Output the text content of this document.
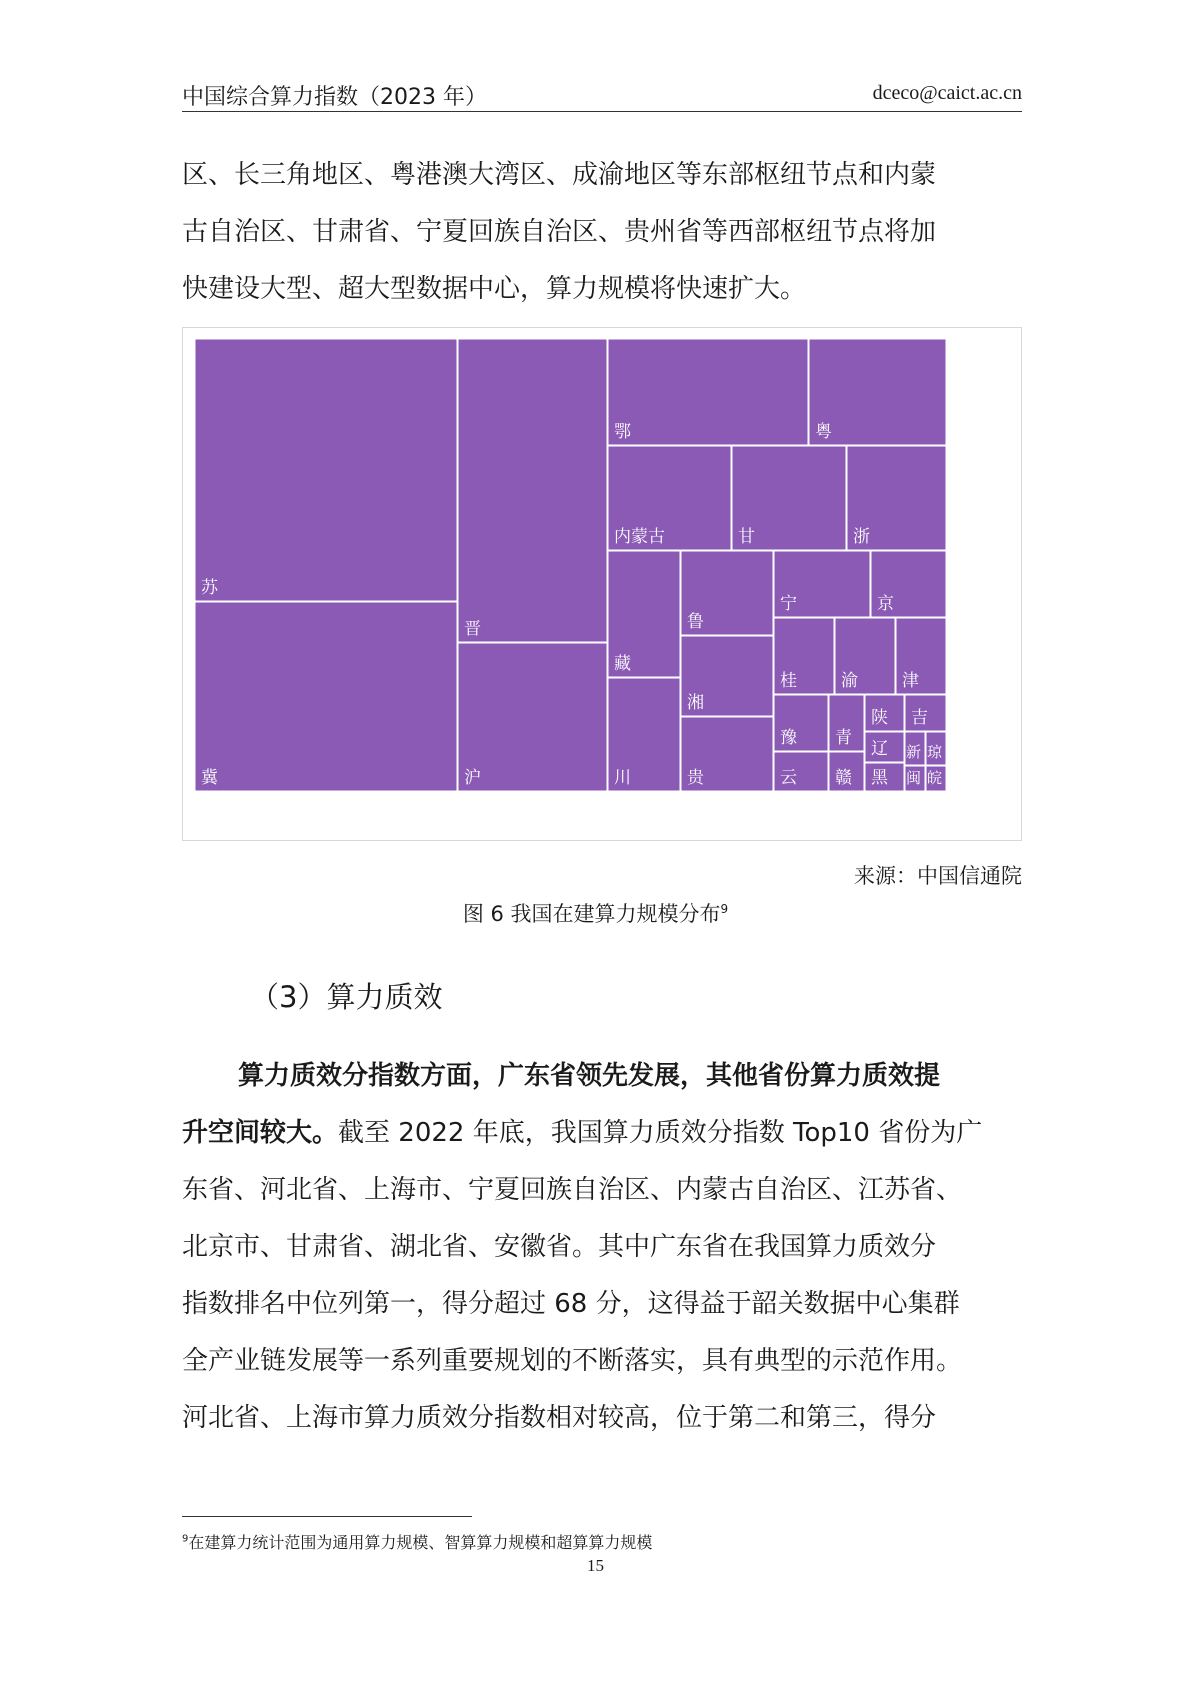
中国综合算力指数（2023 年）	dceco@caict.ac.cn
区、长三角地区、粤港澳大湾区、成渝地区等东部枢纽节点和内蒙
古自治区、甘肃省、宁夏回族自治区、贵州省等西部枢纽节点将加
快建设大型、超大型数据中心，算力规模将快速扩大。
苏
冀
晋
沪
鄂	粤
内蒙古	甘	浙
藏
川
鲁
湘
贵
宁	京
桂	渝	津
豫
云
青
赣
陕 吉
辽
黑
新 琼
闽 皖
来源：中国信通院
图 6 我国在建算力规模分布$^9$
（3）算力质效
算力质效分指数方面，广东省领先发展，其他省份算力质效提
升空间较大。截至 2022 年底，我国算力质效分指数 Top10 省份为广
东省、河北省、上海市、宁夏回族自治区、内蒙古自治区、江苏省、
北京市、甘肃省、湖北省、安徽省。其中广东省在我国算力质效分
指数排名中位列第一，得分超过 68 分，这得益于韶关数据中心集群
全产业链发展等一系列重要规划的不断落实，具有典型的示范作用。
河北省、上海市算力质效分指数相对较高，位于第二和第三，得分
$^9$在建算力统计范围为通用算力规模、智算算力规模和超算算力规模
15
